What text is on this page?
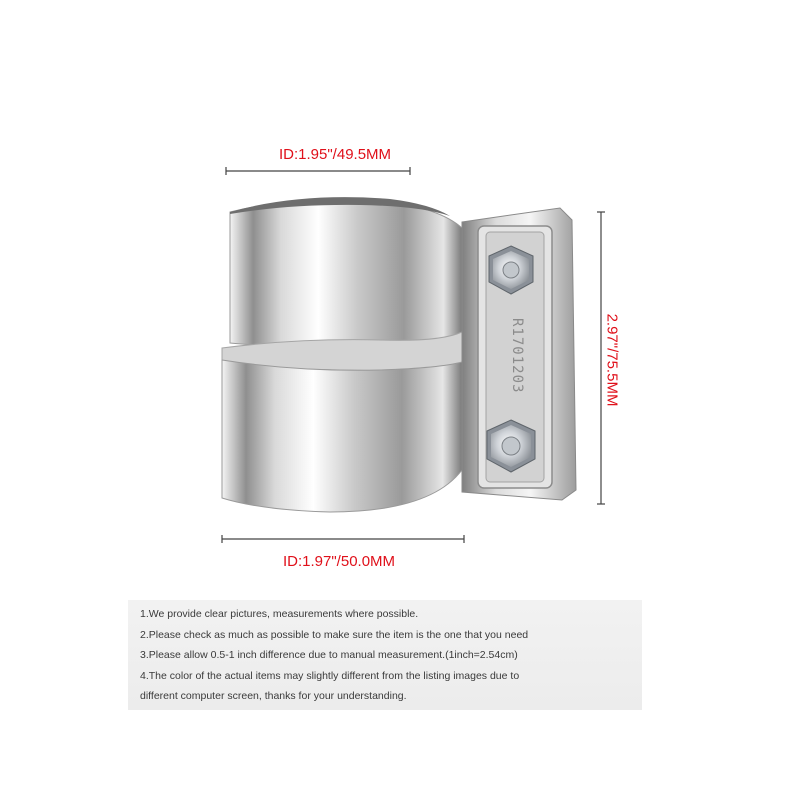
R1701203
ID:1.95"/49.5MM
ID:1.97"/50.0MM
2.97"/75.5MM
1.We provide clear pictures, measurements where possible.
2.Please check as much as possible to make sure the item is the one that you need
3.Please allow 0.5-1 inch difference due to manual measurement.(1inch=2.54cm)
4.The color of the actual items may slightly different from the listing images due to
different computer screen, thanks for your understanding.
